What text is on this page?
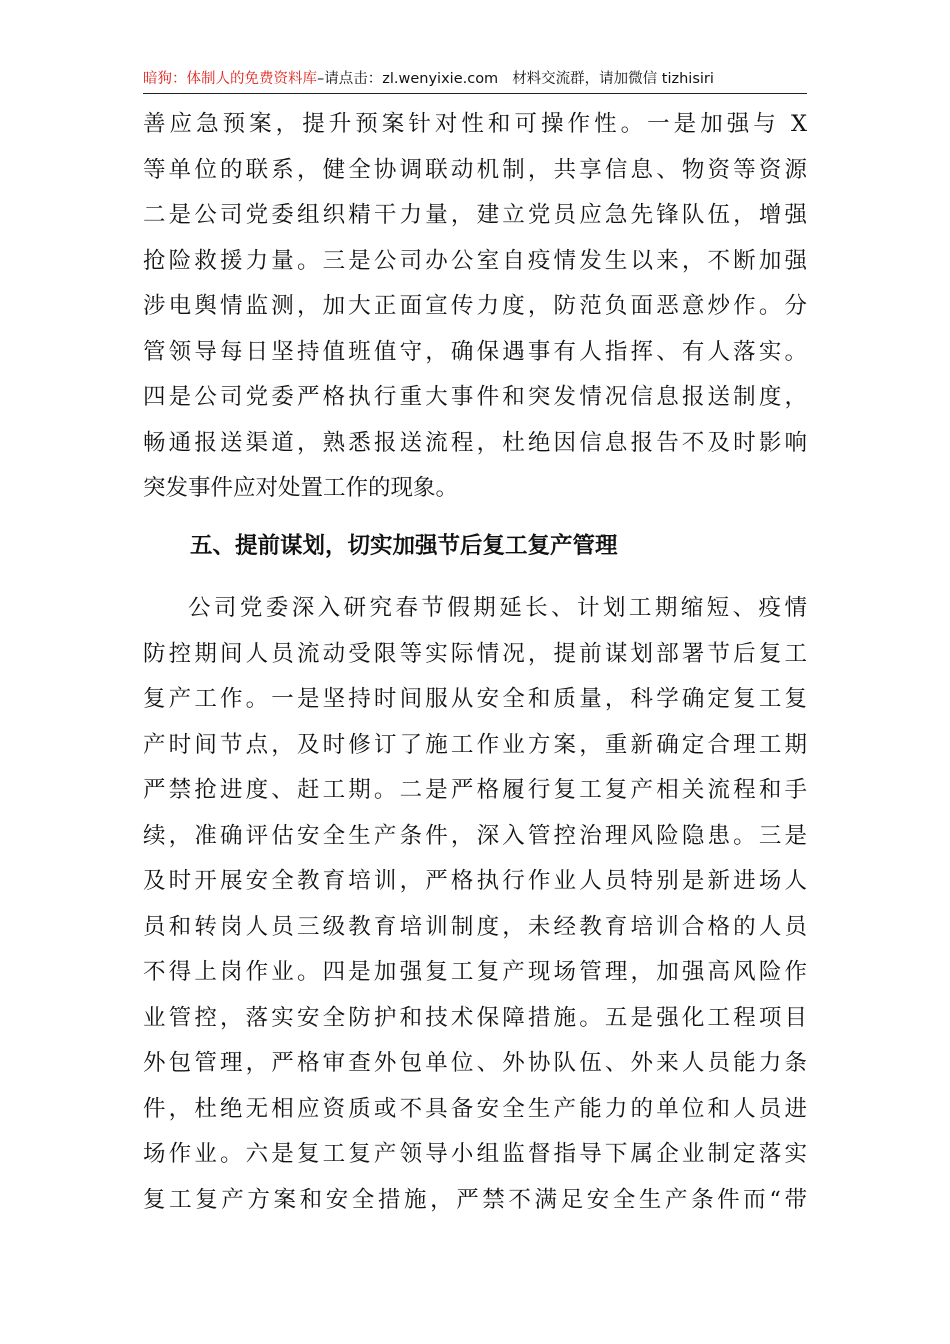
暗狗：体制人的免费资料库–请点击：zl.wenyixie.com 材料交流群，请加微信 tizhisiri
善应急预案，提升预案针对性和可操作性。一是加强与 X
等单位的联系，健全协调联动机制，共享信息、物资等资源
二是公司党委组织精干力量，建立党员应急先锋队伍，增强
抢险救援力量。三是公司办公室自疫情发生以来，不断加强
涉电舆情监测，加大正面宣传力度，防范负面恶意炒作。分
管领导每日坚持值班值守，确保遇事有人指挥、有人落实。
四是公司党委严格执行重大事件和突发情况信息报送制度，
畅通报送渠道，熟悉报送流程，杜绝因信息报告不及时影响
突发事件应对处置工作的现象。
五、提前谋划，切实加强节后复工复产管理
公司党委深入研究春节假期延长、计划工期缩短、疫情
防控期间人员流动受限等实际情况，提前谋划部署节后复工
复产工作。一是坚持时间服从安全和质量，科学确定复工复
产时间节点，及时修订了施工作业方案，重新确定合理工期
严禁抢进度、赶工期。二是严格履行复工复产相关流程和手
续，准确评估安全生产条件，深入管控治理风险隐患。三是
及时开展安全教育培训，严格执行作业人员特别是新进场人
员和转岗人员三级教育培训制度，未经教育培训合格的人员
不得上岗作业。四是加强复工复产现场管理，加强高风险作
业管控，落实安全防护和技术保障措施。五是强化工程项目
外包管理，严格审查外包单位、外协队伍、外来人员能力条
件，杜绝无相应资质或不具备安全生产能力的单位和人员进
场作业。六是复工复产领导小组监督指导下属企业制定落实
复工复产方案和安全措施，严禁不满足安全生产条件而“带
